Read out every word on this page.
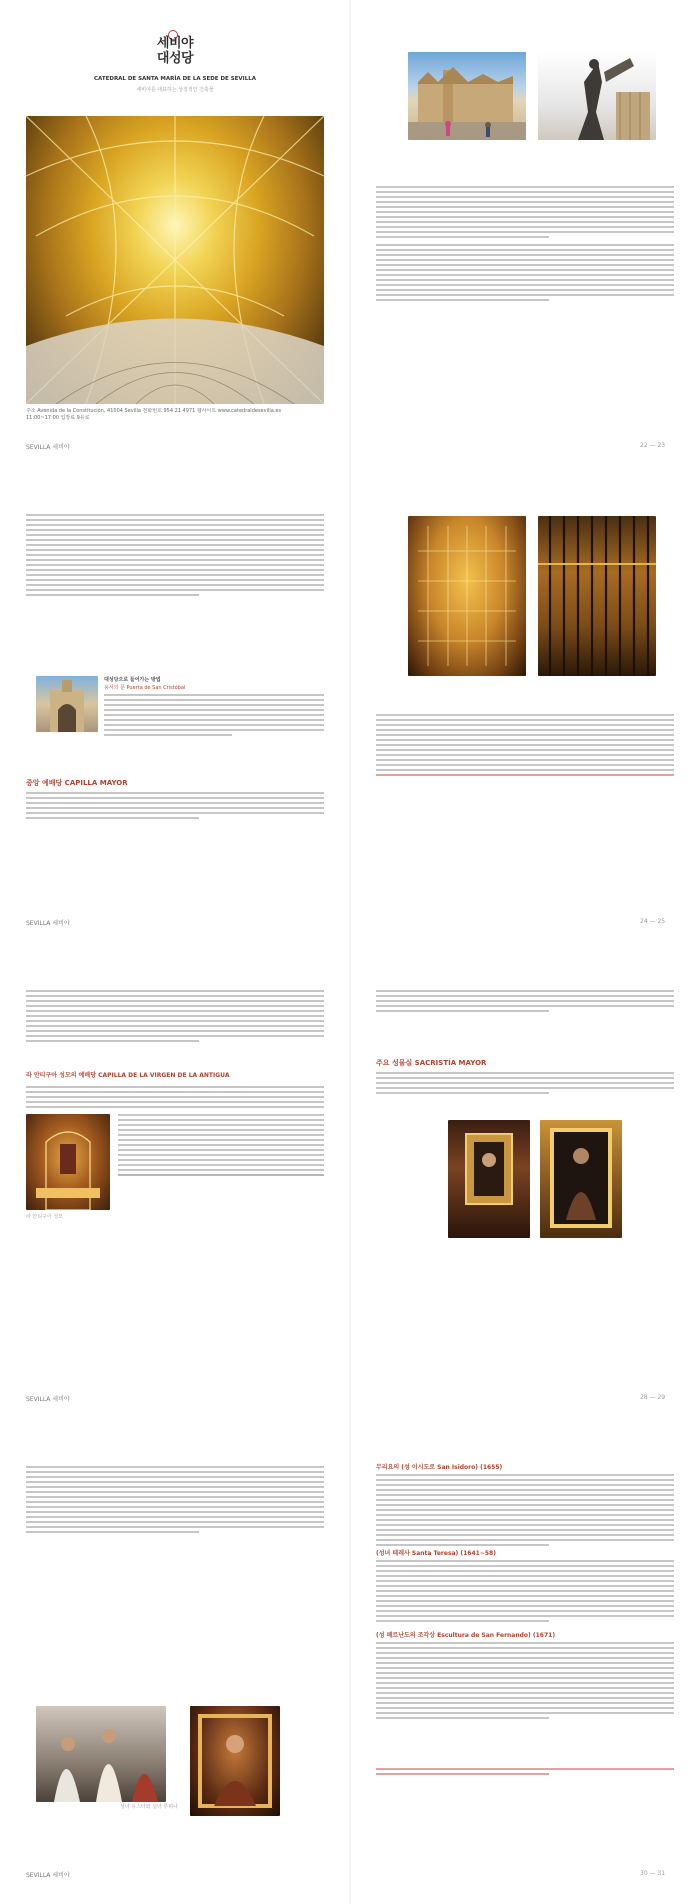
세비야 대성당
CATEDRAL DE SANTA MARÍA DE LA SEDE DE SEVILLA
세비야를 대표하는 상징적인 건축물
주소 Avenida de la Constitución, 41004 Sevilla 전화번호 954 21 4971 웹사이트 www.catedraldesevilla.es
11:00~17:00 입장료 9유로
SEVILLA 세비야	22 — 23
대성당으로 들어가는 방법
용서의 문 Puerta de San Cristóbal
중앙 예배당 CAPILLA MAYOR
SEVILLA 세비야	24 — 25
라 안티구아 성모의 예배당 CAPILLA DE LA VIRGEN DE LA ANTIGUA
라 안티구아 성모
주요 성물실 SACRISTÍA MAYOR
SEVILLA 세비야	28 — 29
성녀 유스타와 성녀 루피나
무리요의 (성 이시도로 San Isidoro) (1655)
(성녀 테레사 Santa Teresa) (1641~58)
(성 페르난도의 조각상 Escultura de San Fernando) (1671)
SEVILLA 세비야	30 — 31
